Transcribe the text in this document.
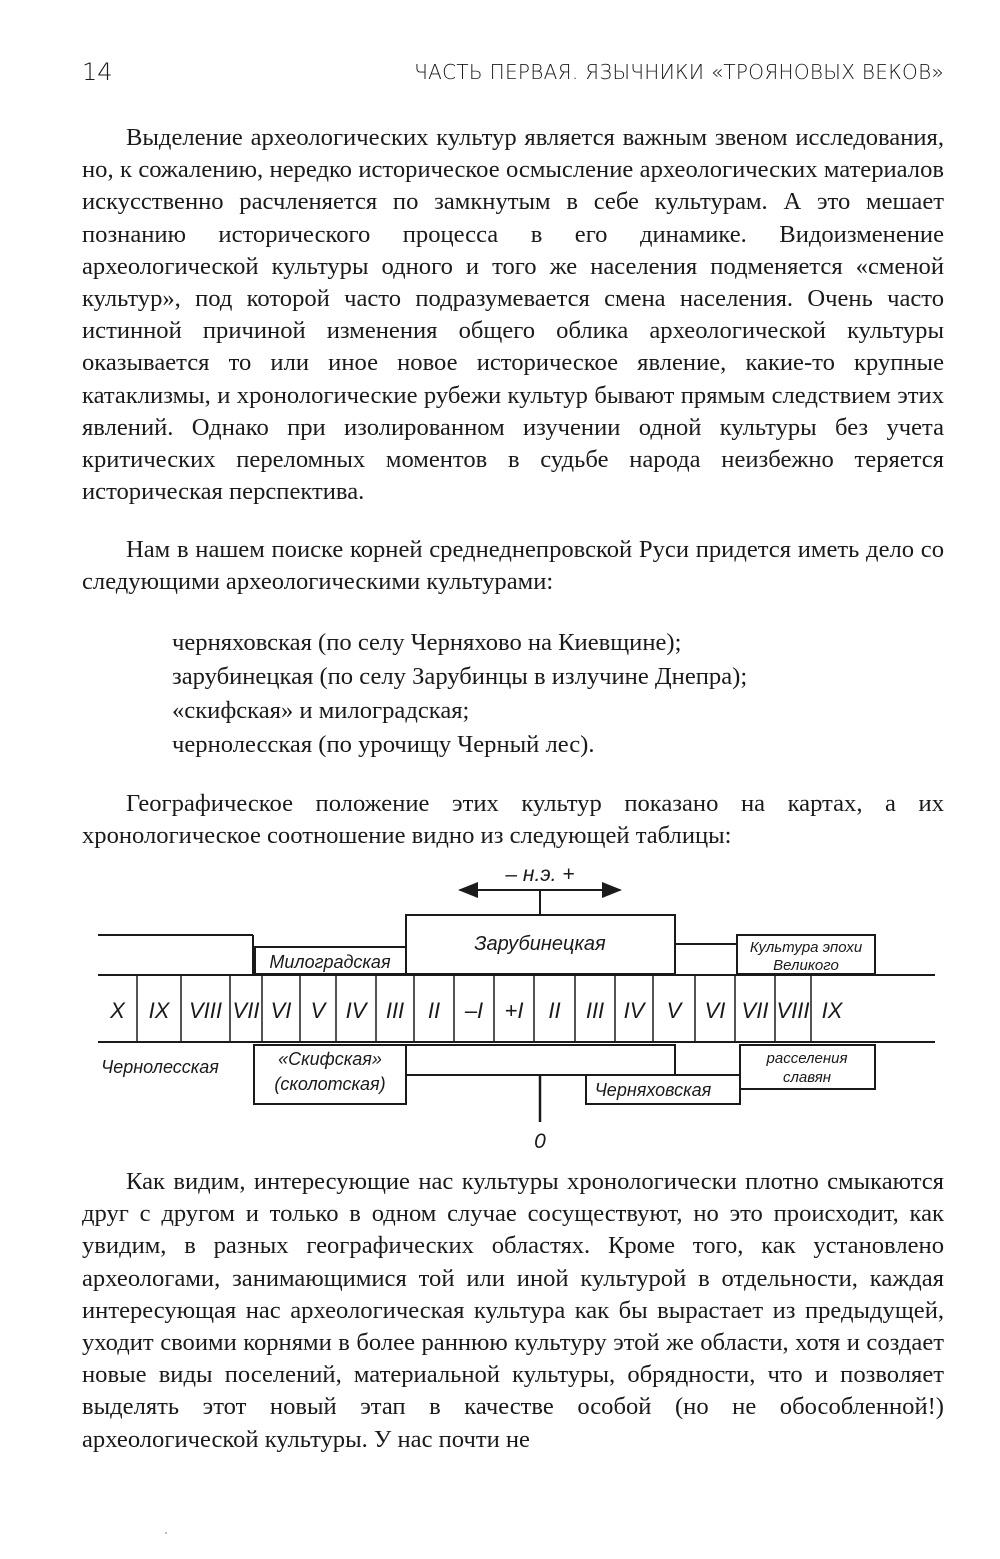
14	ЧАСТЬ ПЕРВАЯ. ЯЗЫЧНИКИ «ТРОЯНОВЫХ ВЕКОВ»

Выделение археологических культур является важным звеном исследования, но, к сожалению, нередко историческое осмысление археологических материалов искусственно расчленяется по замкнутым в себе культурам. А это мешает познанию исторического процесса в его динамике. Видоизменение археологической культуры одного и того же населения подменяется «сменой культур», под которой часто подразумевается смена населения. Очень часто истинной причиной изменения общего облика археологической культуры оказывается то или иное новое историческое явление, какие-то крупные катаклизмы, и хронологические рубежи культур бывают прямым следствием этих явлений. Однако при изолированном изучении одной культуры без учета критических переломных моментов в судьбе народа неизбежно теряется историческая перспектива.

Нам в нашем поиске корней среднеднепровской Руси придется иметь дело со следующими археологическими культурами:

черняховская (по селу Черняхово на Киевщине);
зарубинецкая (по селу Зарубинцы в излучине Днепра);
«скифская» и милоградская;
чернолесская (по урочищу Черный лес).

Географическое положение этих культур показано на картах, а их хронологическое соотношение видно из следующей таблицы:

– н.э. +
Зарубинецкая
Милоградская
Культура эпохи
Великого
X IX VIII VII VI V IV III II –I +I II III IV V VI VII VIII IX
Чернолесская	«Скифская»
(сколотская)	Черняховская
расселения
славян
0

Как видим, интересующие нас культуры хронологически плотно смыкаются друг с другом и только в одном случае сосуществуют, но это происходит, как увидим, в разных географических областях. Кроме того, как установлено археологами, занимающимися той или иной культурой в отдельности, каждая интересующая нас археологическая культура как бы вырастает из предыдущей, уходит своими корнями в более раннюю культуру этой же области, хотя и создает новые виды поселений, материальной культуры, обрядности, что и позволяет выделять этот новый этап в качестве особой (но не обособленной!) археологической культуры. У нас почти не
